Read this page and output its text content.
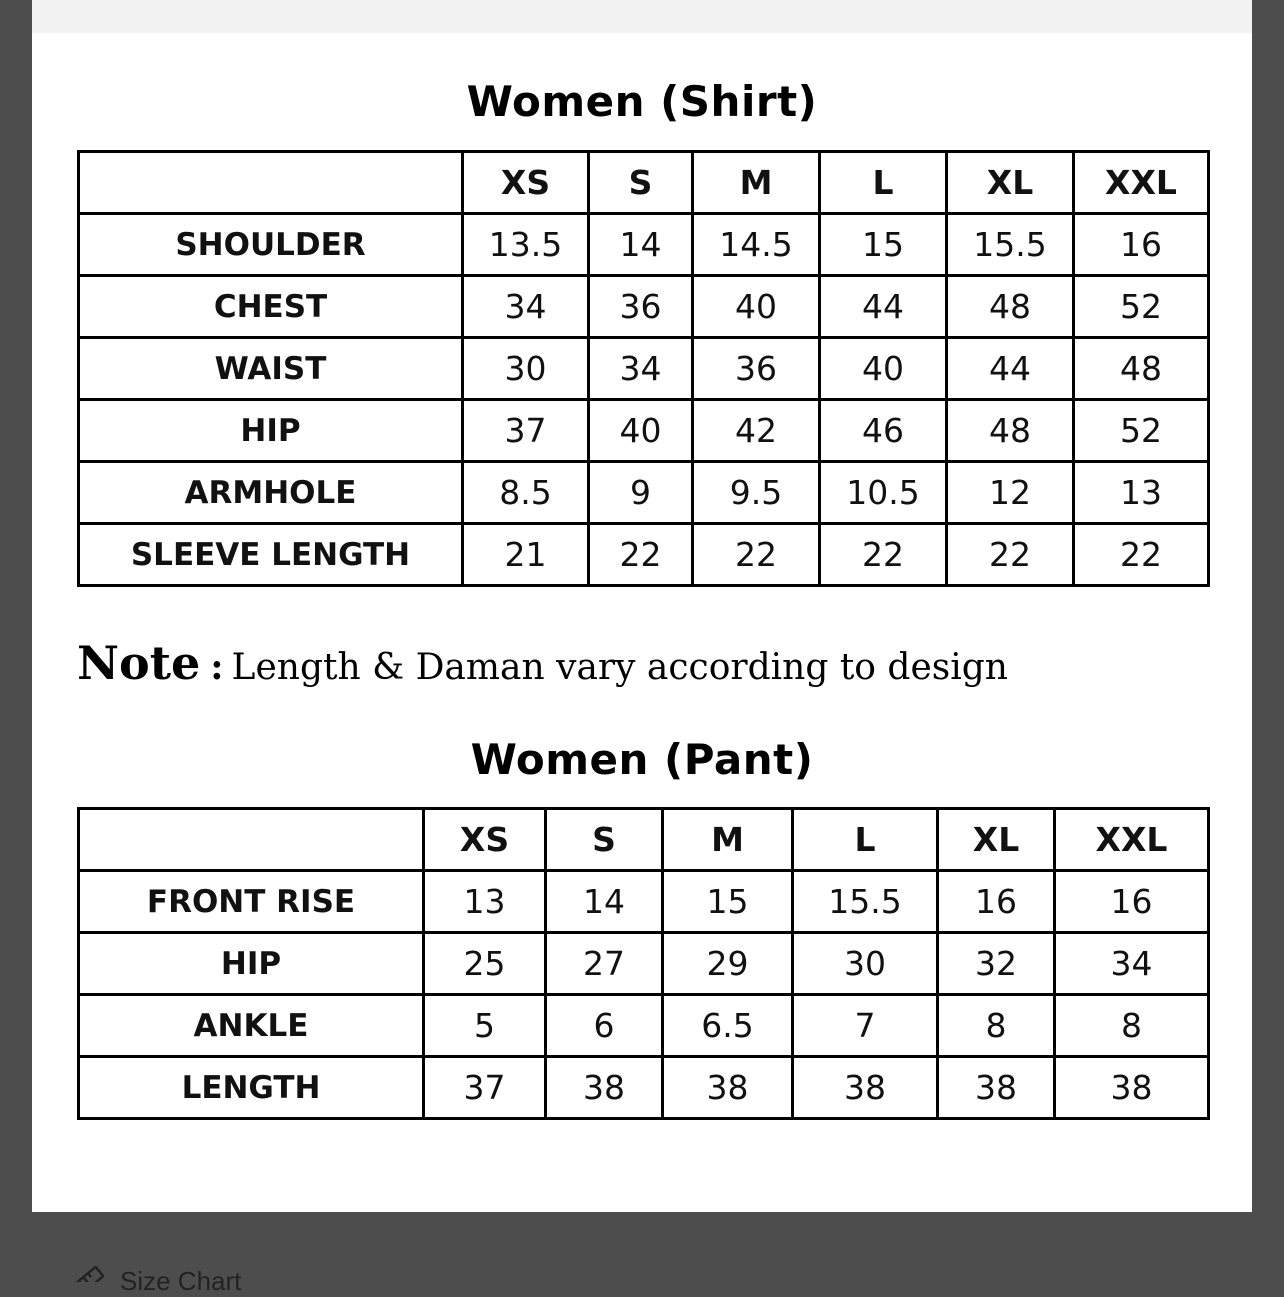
Women (Shirt)
	XS	S	M	L	XL	XXL
SHOULDER	13.5	14	14.5	15	15.5	16
CHEST	34	36	40	44	48	52
WAIST	30	34	36	40	44	48
HIP	37	40	42	46	48	52
ARMHOLE	8.5	9	9.5	10.5	12	13
SLEEVE LENGTH	21	22	22	22	22	22
Note : Length & Daman vary according to design
Women (Pant)
	XS	S	M	L	XL	XXL
FRONT RISE	13	14	15	15.5	16	16
HIP	25	27	29	30	32	34
ANKLE	5	6	6.5	7	8	8
LENGTH	37	38	38	38	38	38
Size Chart
